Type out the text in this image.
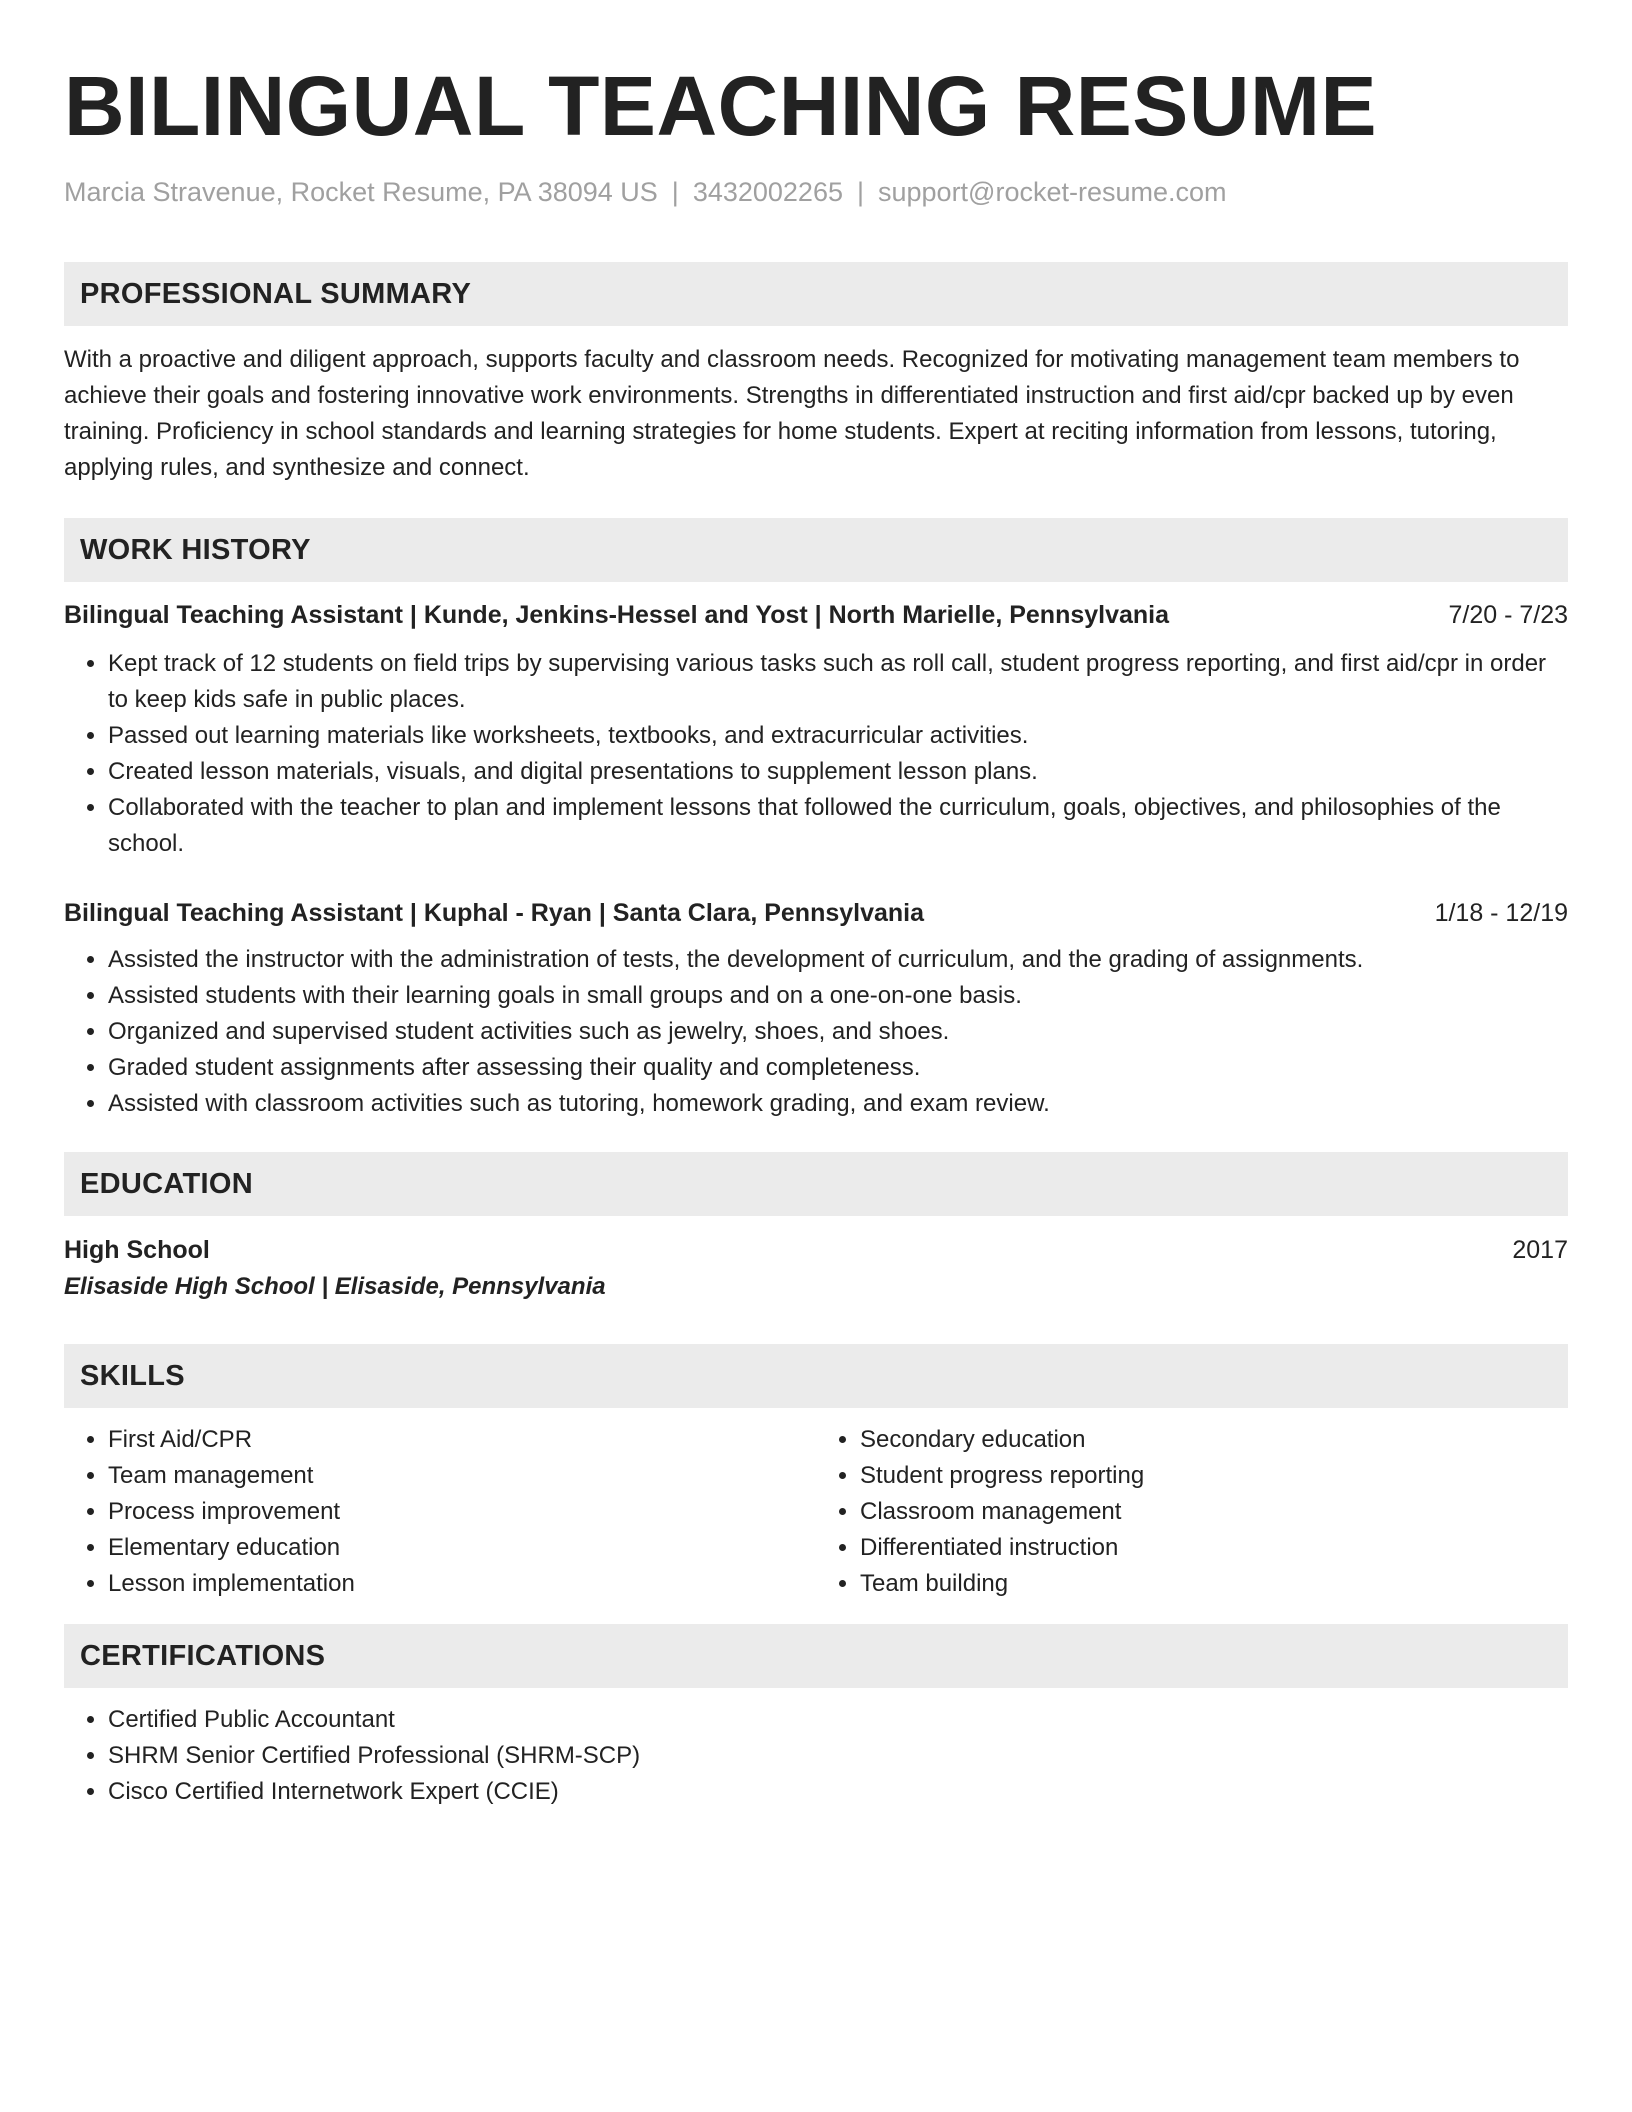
BILINGUAL TEACHING RESUME
Marcia Stravenue, Rocket Resume, PA 38094 US | 3432002265 | support@rocket-resume.com
PROFESSIONAL SUMMARY
With a proactive and diligent approach, supports faculty and classroom needs. Recognized for motivating management team members to achieve their goals and fostering innovative work environments. Strengths in differentiated instruction and first aid/cpr backed up by even training. Proficiency in school standards and learning strategies for home students. Expert at reciting information from lessons, tutoring, applying rules, and synthesize and connect.
WORK HISTORY
Bilingual Teaching Assistant | Kunde, Jenkins-Hessel and Yost | North Marielle, Pennsylvania	7/20 - 7/23
• Kept track of 12 students on field trips by supervising various tasks such as roll call, student progress reporting, and first aid/cpr in order to keep kids safe in public places.
• Passed out learning materials like worksheets, textbooks, and extracurricular activities.
• Created lesson materials, visuals, and digital presentations to supplement lesson plans.
• Collaborated with the teacher to plan and implement lessons that followed the curriculum, goals, objectives, and philosophies of the school.
Bilingual Teaching Assistant | Kuphal - Ryan | Santa Clara, Pennsylvania	1/18 - 12/19
• Assisted the instructor with the administration of tests, the development of curriculum, and the grading of assignments.
• Assisted students with their learning goals in small groups and on a one-on-one basis.
• Organized and supervised student activities such as jewelry, shoes, and shoes.
• Graded student assignments after assessing their quality and completeness.
• Assisted with classroom activities such as tutoring, homework grading, and exam review.
EDUCATION
High School	2017
Elisaside High School | Elisaside, Pennsylvania
SKILLS
• First Aid/CPR
• Team management
• Process improvement
• Elementary education
• Lesson implementation
• Secondary education
• Student progress reporting
• Classroom management
• Differentiated instruction
• Team building
CERTIFICATIONS
• Certified Public Accountant
• SHRM Senior Certified Professional (SHRM-SCP)
• Cisco Certified Internetwork Expert (CCIE)
